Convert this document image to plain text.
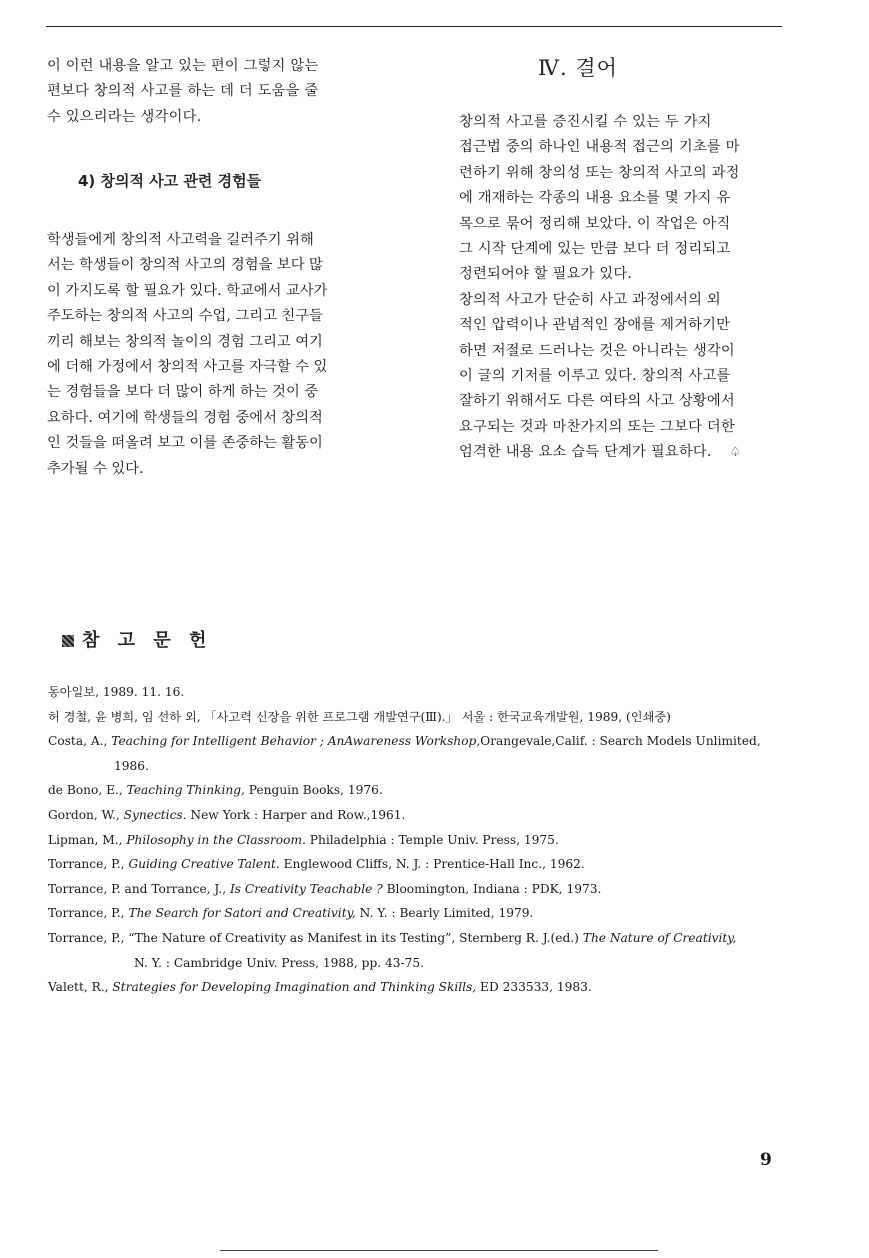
이 이런 내용을 알고 있는 편이 그렇지 않는
편보다 창의적 사고를 하는 데 더 도움을 줄
수 있으리라는 생각이다.
4) 창의적 사고 관련 경험들
학생들에게 창의적 사고력을 길러주기 위해
서는 학생들이 창의적 사고의 경험을 보다 많
이 가지도록 할 필요가 있다. 학교에서 교사가
주도하는 창의적 사고의 수업, 그리고 친구들
끼리 해보는 창의적 놀이의 경험 그리고 여기
에 더해 가정에서 창의적 사고를 자극할 수 있
는 경험들을 보다 더 많이 하게 하는 것이 중
요하다. 여기에 학생들의 경험 중에서 창의적
인 것들을 떠올려 보고 이를 존중하는 활동이
추가될 수 있다.
Ⅳ. 결어
창의적 사고를 증진시킬 수 있는 두 가지
접근법 중의 하나인 내용적 접근의 기초를 마
련하기 위해 창의성 또는 창의적 사고의 과정
에 개재하는 각종의 내용 요소를 몇 가지 유
목으로 묶어 정리해 보았다. 이 작업은 아직
그 시작 단계에 있는 만큼 보다 더 정리되고
정련되어야 할 필요가 있다.
창의적 사고가 단순히 사고 과정에서의 외
적인 압력이나 관념적인 장애를 제거하기만
하면 저절로 드러나는 것은 아니라는 생각이
이 글의 기저를 이루고 있다. 창의적 사고를
잘하기 위해서도 다른 여타의 사고 상황에서
요구되는 것과 마찬가지의 또는 그보다 더한
엄격한 내용 요소 습득 단계가 필요하다. ♤
참 고 문 헌
동아일보, 1989. 11. 16.
허 경철, 윤 병희, 임 선하 외, 「사고력 신장을 위한 프로그램 개발연구(Ⅲ).」 서울 : 한국교육개발원, 1989, (인쇄중)
Costa, A., Teaching for Intelligent Behavior ; AnAwareness Workshop,Orangevale,Calif. : Search Models Unlimited,
1986.
de Bono, E., Teaching Thinking, Penguin Books, 1976.
Gordon, W., Synectics. New York : Harper and Row.,1961.
Lipman, M., Philosophy in the Classroom. Philadelphia : Temple Univ. Press, 1975.
Torrance, P., Guiding Creative Talent. Englewood Cliffs, N. J. : Prentice-Hall Inc., 1962.
Torrance, P. and Torrance, J., Is Creativity Teachable ? Bloomington, Indiana : PDK, 1973.
Torrance, P., The Search for Satori and Creativity, N. Y. : Bearly Limited, 1979.
Torrance, P., “The Nature of Creativity as Manifest in its Testing”, Sternberg R. J.(ed.) The Nature of Creativity,
N. Y. : Cambridge Univ. Press, 1988, pp. 43-75.
Valett, R., Strategies for Developing Imagination and Thinking Skills, ED 233533, 1983.
9
